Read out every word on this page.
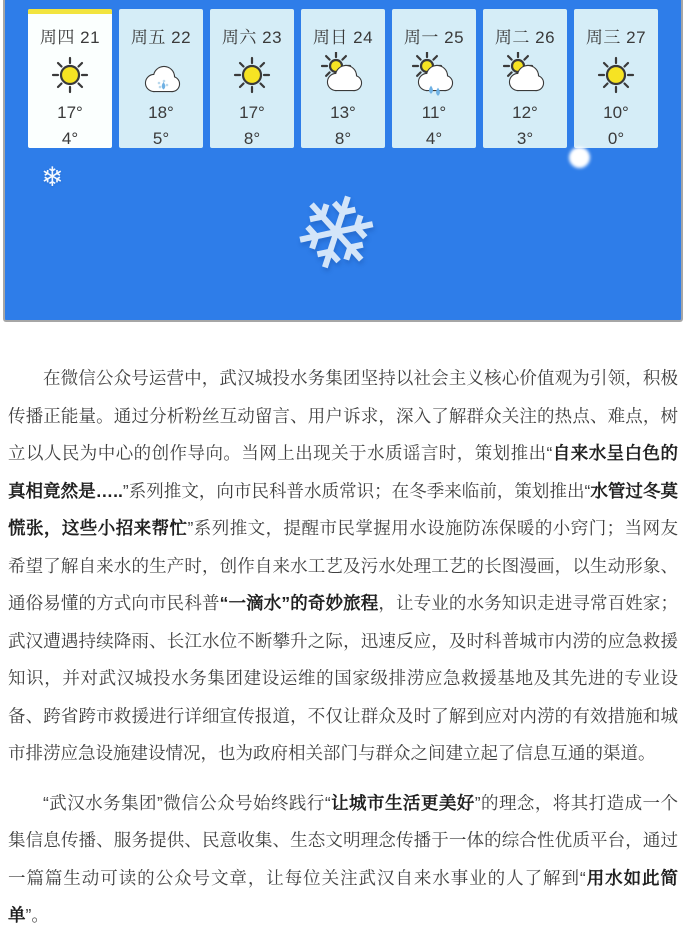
周四 21
17°
4°
周五 22
18°
5°
周六 23
17°
8°
周日 24
13°
8°
周一 25
11°
4°
周二 26
12°
3°
周三 27
10°
0°
❄ ❄

在微信公众号运营中，武汉城投水务集团坚持以社会主义核心价值观为引领，积极传播正能量。通过分析粉丝互动留言、用户诉求，深入了解群众关注的热点、难点，树立以人民为中心的创作导向。当网上出现关于水质谣言时，策划推出“自来水呈白色的真相竟然是…..”系列推文，向市民科普水质常识；在冬季来临前，策划推出“水管过冬莫慌张，这些小招来帮忙”系列推文，提醒市民掌握用水设施防冻保暖的小窍门；当网友希望了解自来水的生产时，创作自来水工艺及污水处理工艺的长图漫画，以生动形象、通俗易懂的方式向市民科普“一滴水”的奇妙旅程，让专业的水务知识走进寻常百姓家；武汉遭遇持续降雨、长江水位不断攀升之际，迅速反应，及时科普城市内涝的应急救援知识，并对武汉城投水务集团建设运维的国家级排涝应急救援基地及其先进的专业设备、跨省跨市救援进行详细宣传报道，不仅让群众及时了解到应对内涝的有效措施和城市排涝应急设施建设情况，也为政府相关部门与群众之间建立起了信息互通的渠道。

“武汉水务集团”微信公众号始终践行“让城市生活更美好”的理念，将其打造成一个集信息传播、服务提供、民意收集、生态文明理念传播于一体的综合性优质平台，通过一篇篇生动可读的公众号文章，让每位关注武汉自来水事业的人了解到“用水如此简单”。
